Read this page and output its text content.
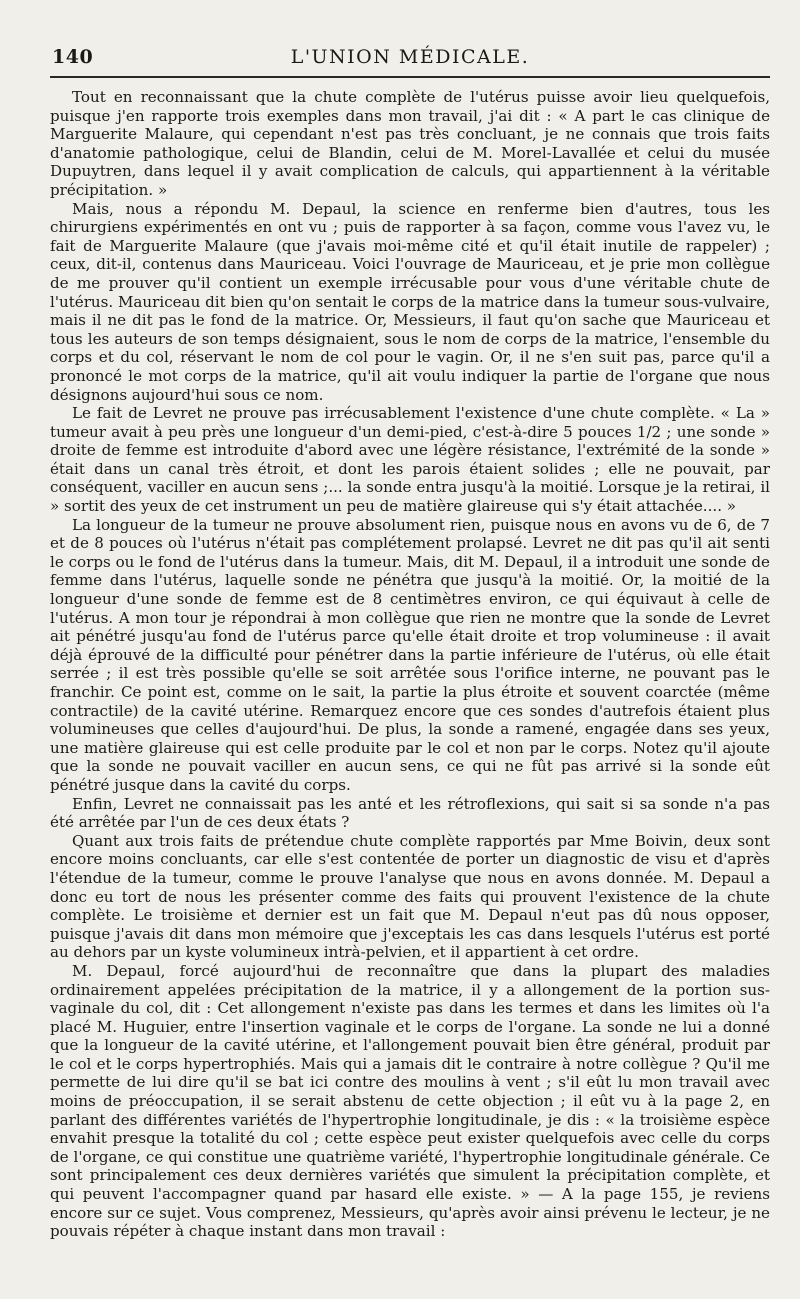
140	L'UNION MÉDICALE.

Tout en reconnaissant que la chute complète de l'utérus puisse avoir lieu quelquefois, puisque j'en rapporte trois exemples dans mon travail, j'ai dit : « A part le cas clinique de Marguerite Malaure, qui cependant n'est pas très concluant, je ne connais que trois faits d'anatomie pathologique, celui de Blandin, celui de M. Morel-Lavallée et celui du musée Dupuytren, dans lequel il y avait complication de calculs, qui appartiennent à la véritable précipitation. »

Mais, nous a répondu M. Depaul, la science en renferme bien d'autres, tous les chirurgiens expérimentés en ont vu ; puis de rapporter à sa façon, comme vous l'avez vu, le fait de Marguerite Malaure (que j'avais moi-même cité et qu'il était inutile de rappeler) ; ceux, dit-il, contenus dans Mauriceau. Voici l'ouvrage de Mauriceau, et je prie mon collègue de me prouver qu'il contient un exemple irrécusable pour vous d'une véritable chute de l'utérus. Mauriceau dit bien qu'on sentait le corps de la matrice dans la tumeur sous-vulvaire, mais il ne dit pas le fond de la matrice. Or, Messieurs, il faut qu'on sache que Mauriceau et tous les auteurs de son temps désignaient, sous le nom de corps de la matrice, l'ensemble du corps et du col, réservant le nom de col pour le vagin. Or, il ne s'en suit pas, parce qu'il a prononcé le mot corps de la matrice, qu'il ait voulu indiquer la partie de l'organe que nous désignons aujourd'hui sous ce nom.

Le fait de Levret ne prouve pas irrécusablement l'existence d'une chute complète. « La » tumeur avait à peu près une longueur d'un demi-pied, c'est-à-dire 5 pouces 1/2 ; une sonde » droite de femme est introduite d'abord avec une légère résistance, l'extrémité de la sonde » était dans un canal très étroit, et dont les parois étaient solides ; elle ne pouvait, par conséquent, vaciller en aucun sens ;... la sonde entra jusqu'à la moitié. Lorsque je la retirai, il » sortit des yeux de cet instrument un peu de matière glaireuse qui s'y était attachée.... »

La longueur de la tumeur ne prouve absolument rien, puisque nous en avons vu de 6, de 7 et de 8 pouces où l'utérus n'était pas complétement prolapsé. Levret ne dit pas qu'il ait senti le corps ou le fond de l'utérus dans la tumeur. Mais, dit M. Depaul, il a introduit une sonde de femme dans l'utérus, laquelle sonde ne pénétra que jusqu'à la moitié. Or, la moitié de la longueur d'une sonde de femme est de 8 centimètres environ, ce qui équivaut à celle de l'utérus. A mon tour je répondrai à mon collègue que rien ne montre que la sonde de Levret ait pénétré jusqu'au fond de l'utérus parce qu'elle était droite et trop volumineuse : il avait déjà éprouvé de la difficulté pour pénétrer dans la partie inférieure de l'utérus, où elle était serrée ; il est très possible qu'elle se soit arrêtée sous l'orifice interne, ne pouvant pas le franchir. Ce point est, comme on le sait, la partie la plus étroite et souvent coarctée (même contractile) de la cavité utérine. Remarquez encore que ces sondes d'autrefois étaient plus volumineuses que celles d'aujourd'hui. De plus, la sonde a ramené, engagée dans ses yeux, une matière glaireuse qui est celle produite par le col et non par le corps. Notez qu'il ajoute que la sonde ne pouvait vaciller en aucun sens, ce qui ne fût pas arrivé si la sonde eût pénétré jusque dans la cavité du corps.

Enfin, Levret ne connaissait pas les anté et les rétroflexions, qui sait si sa sonde n'a pas été arrêtée par l'un de ces deux états ?

Quant aux trois faits de prétendue chute complète rapportés par Mme Boivin, deux sont encore moins concluants, car elle s'est contentée de porter un diagnostic de visu et d'après l'étendue de la tumeur, comme le prouve l'analyse que nous en avons donnée. M. Depaul a donc eu tort de nous les présenter comme des faits qui prouvent l'existence de la chute complète. Le troisième et dernier est un fait que M. Depaul n'eut pas dû nous opposer, puisque j'avais dit dans mon mémoire que j'exceptais les cas dans lesquels l'utérus est porté au dehors par un kyste volumineux intrà-pelvien, et il appartient à cet ordre.

M. Depaul, forcé aujourd'hui de reconnaître que dans la plupart des maladies ordinairement appelées précipitation de la matrice, il y a allongement de la portion sus-vaginale du col, dit : Cet allongement n'existe pas dans les termes et dans les limites où l'a placé M. Huguier, entre l'insertion vaginale et le corps de l'organe. La sonde ne lui a donné que la longueur de la cavité utérine, et l'allongement pouvait bien être général, produit par le col et le corps hypertrophiés. Mais qui a jamais dit le contraire à notre collègue ? Qu'il me permette de lui dire qu'il se bat ici contre des moulins à vent ; s'il eût lu mon travail avec moins de préoccupation, il se serait abstenu de cette objection ; il eût vu à la page 2, en parlant des différentes variétés de l'hypertrophie longitudinale, je dis : « la troisième espèce envahit presque la totalité du col ; cette espèce peut exister quelquefois avec celle du corps de l'organe, ce qui constitue une quatrième variété, l'hypertrophie longitudinale générale. Ce sont principalement ces deux dernières variétés que simulent la précipitation complète, et qui peuvent l'accompagner quand par hasard elle existe. » — A la page 155, je reviens encore sur ce sujet. Vous comprenez, Messieurs, qu'après avoir ainsi prévenu le lecteur, je ne pouvais répéter à chaque instant dans mon travail :
